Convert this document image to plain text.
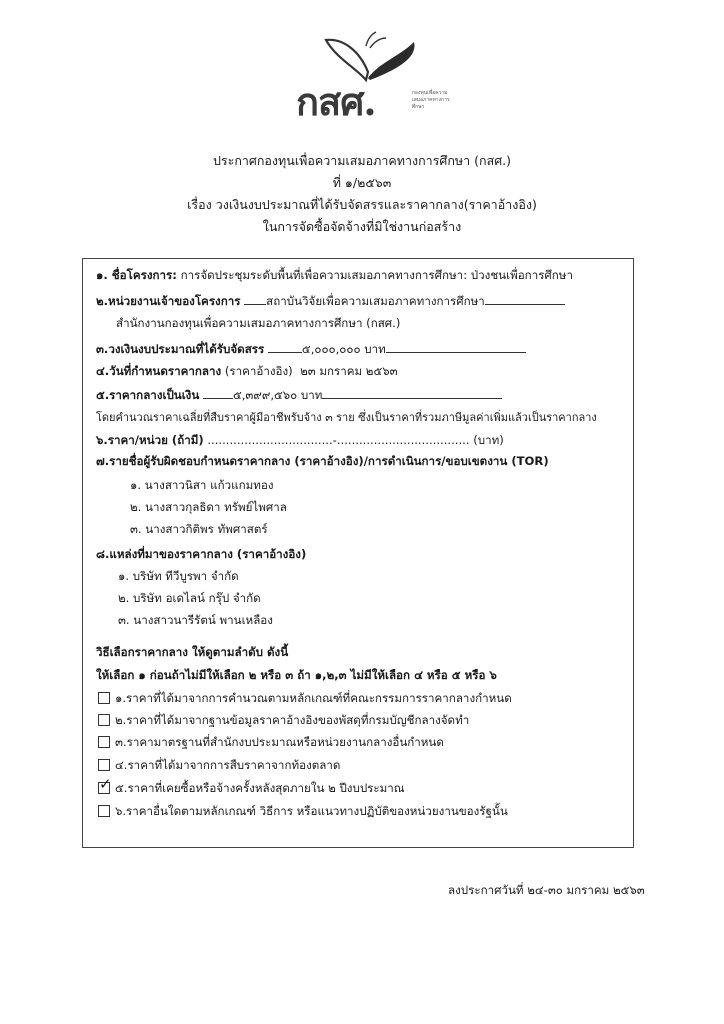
กสศ.	กองทุนเพื่อความเสมอภาคทางการศึกษา
ประกาศกองทุนเพื่อความเสมอภาคทางการศึกษา (กสศ.)
ที่ ๑/๒๕๖๓
เรื่อง วงเงินงบประมาณที่ได้รับจัดสรรและราคากลาง(ราคาอ้างอิง)
ในการจัดซื้อจัดจ้างที่มิใช่งานก่อสร้าง
๑. ชื่อโครงการ: การจัดประชุมระดับพื้นที่เพื่อความเสมอภาคทางการศึกษา: ป่วงชนเพื่อการศึกษา
๒.หน่วยงานเจ้าของโครงการ สถาบันวิจัยเพื่อความเสมอภาคทางการศึกษา
สำนักงานกองทุนเพื่อความเสมอภาคทางการศึกษา (กสศ.)
๓.วงเงินงบประมาณที่ได้รับจัดสรร	๕,๐๐๐,๐๐๐ บาท
๔.วันที่กำหนดราคากลาง (ราคาอ้างอิง) ๒๓ มกราคม ๒๕๖๓
๕.ราคากลางเป็นเงิน	๕,๓๙๙,๕๖๐ บาท
โดยคำนวณราคาเฉลี่ยที่สืบราคาผู้มีอาชีพรับจ้าง ๓ ราย ซึ่งเป็นราคาที่รวมภาษีมูลค่าเพิ่มแล้วเป็นราคากลาง
๖.ราคา/หน่วย (ถ้ามี) ..................................-.................................... (บาท)
๗.รายชื่อผู้รับผิดชอบกำหนดราคากลาง (ราคาอ้างอิง)/การดำเนินการ/ขอบเขตงาน (TOR)
๑. นางสาวนิสา แก้วแกมทอง
๒. นางสาวกุลธิดา ทรัพย์ไพศาล
๓. นางสาวกิติพร ทัพศาสตร์
๘.แหล่งที่มาของราคากลาง (ราคาอ้างอิง)
๑. บริษัท ทีวีบูรพา จำกัด
๒. บริษัท อเดไลน์ กรุ๊ป จำกัด
๓. นางสาวนารีรัตน์ พานเหลือง
วิธีเลือกราคากลาง ให้ดูตามลำดับ ดังนี้
ให้เลือก ๑ ก่อนถ้าไม่มีให้เลือก ๒ หรือ ๓ ถ้า ๑,๒,๓ ไม่มีให้เลือก ๔ หรือ ๕ หรือ ๖
๑.ราคาที่ได้มาจากการคำนวณตามหลักเกณฑ์ที่คณะกรรมการราคากลางกำหนด
๒.ราคาที่ได้มาจากฐานข้อมูลราคาอ้างอิงของพัสดุที่กรมบัญชีกลางจัดทำ
๓.ราคามาตรฐานที่สำนักงบประมาณหรือหน่วยงานกลางอื่นกำหนด
๔.ราคาที่ได้มาจากการสืบราคาจากท้องตลาด
✓ ๕.ราคาที่เคยซื้อหรือจ้างครั้งหลังสุดภายใน ๒ ปีงบประมาณ
๖.ราคาอื่นใดตามหลักเกณฑ์ วิธีการ หรือแนวทางปฏิบัติของหน่วยงานของรัฐนั้น
ลงประกาศวันที่ ๒๔-๓๐ มกราคม ๒๕๖๓
